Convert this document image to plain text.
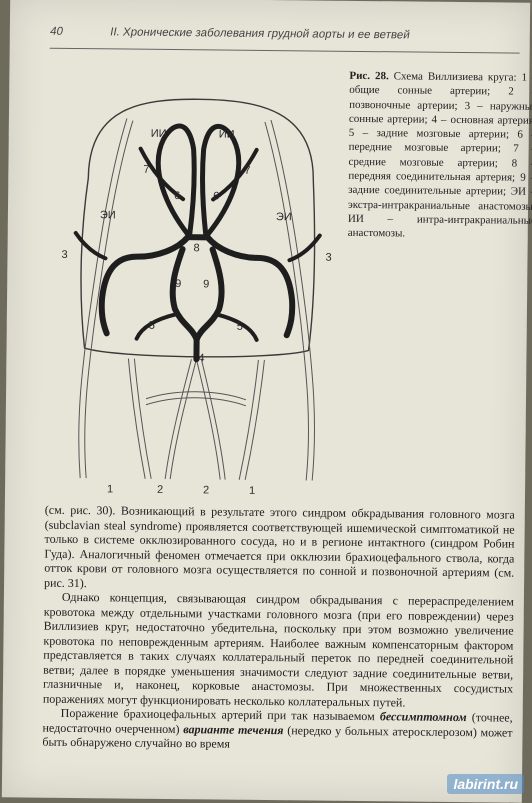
40	II. Хронические заболевания грудной аорты и ее ветвей
ИИ	ИИ
ЭИ	ЭИ
7	7
6	6
8
9 9
5	5
4
3	3
1	2	2	1
Рис. 28. Схема Виллизиева круга: 1 – общие сонные артерии; 2 – позвоночные артерии; 3 – наружные сонные артерии; 4 – основная артерия; 5 – задние мозговые артерии; 6 – передние мозговые артерии; 7 – средние мозговые артерии; 8 – передняя соединительная артерия; 9 – задние соединительные артерии; ЭИ – экстра-интракраниальные анастомозы; ИИ – интра-интракраниальные анастомозы.

(см. рис. 30). Возникающий в результате этого синдром обкрадывания головного мозга (subclavian steal syndrome) проявляется соответствующей ишемической симптоматикой не только в системе окклюзированного сосуда, но и в регионе интактного (синдром Робин Гуда). Аналогичный феномен отмечается при окклюзии брахиоцефального ствола, когда отток крови от головного мозга осуществляется по сонной и позвоночной артериям (см. рис. 31).

Однако концепция, связывающая синдром обкрадывания с перераспределением кровотока между отдельными участками головного мозга (при его повреждении) через Виллизиев круг, недостаточно убедительна, поскольку при этом возможно увеличение кровотока по неповрежденным артериям. Наиболее важным компенсаторным фактором представляется в таких случаях коллатеральный переток по передней соединительной ветви; далее в порядке уменьшения значимости следуют задние соединительные ветви, глазничные и, наконец, корковые анастомозы. При множественных сосудистых поражениях могут функционировать несколько коллатеральных путей.

Поражение брахиоцефальных артерий при так называемом бессимптомном (точнее, недостаточно очерченном) варианте течения (нередко у больных атеросклерозом) может быть обнаружено случайно во время

labirint.ru
